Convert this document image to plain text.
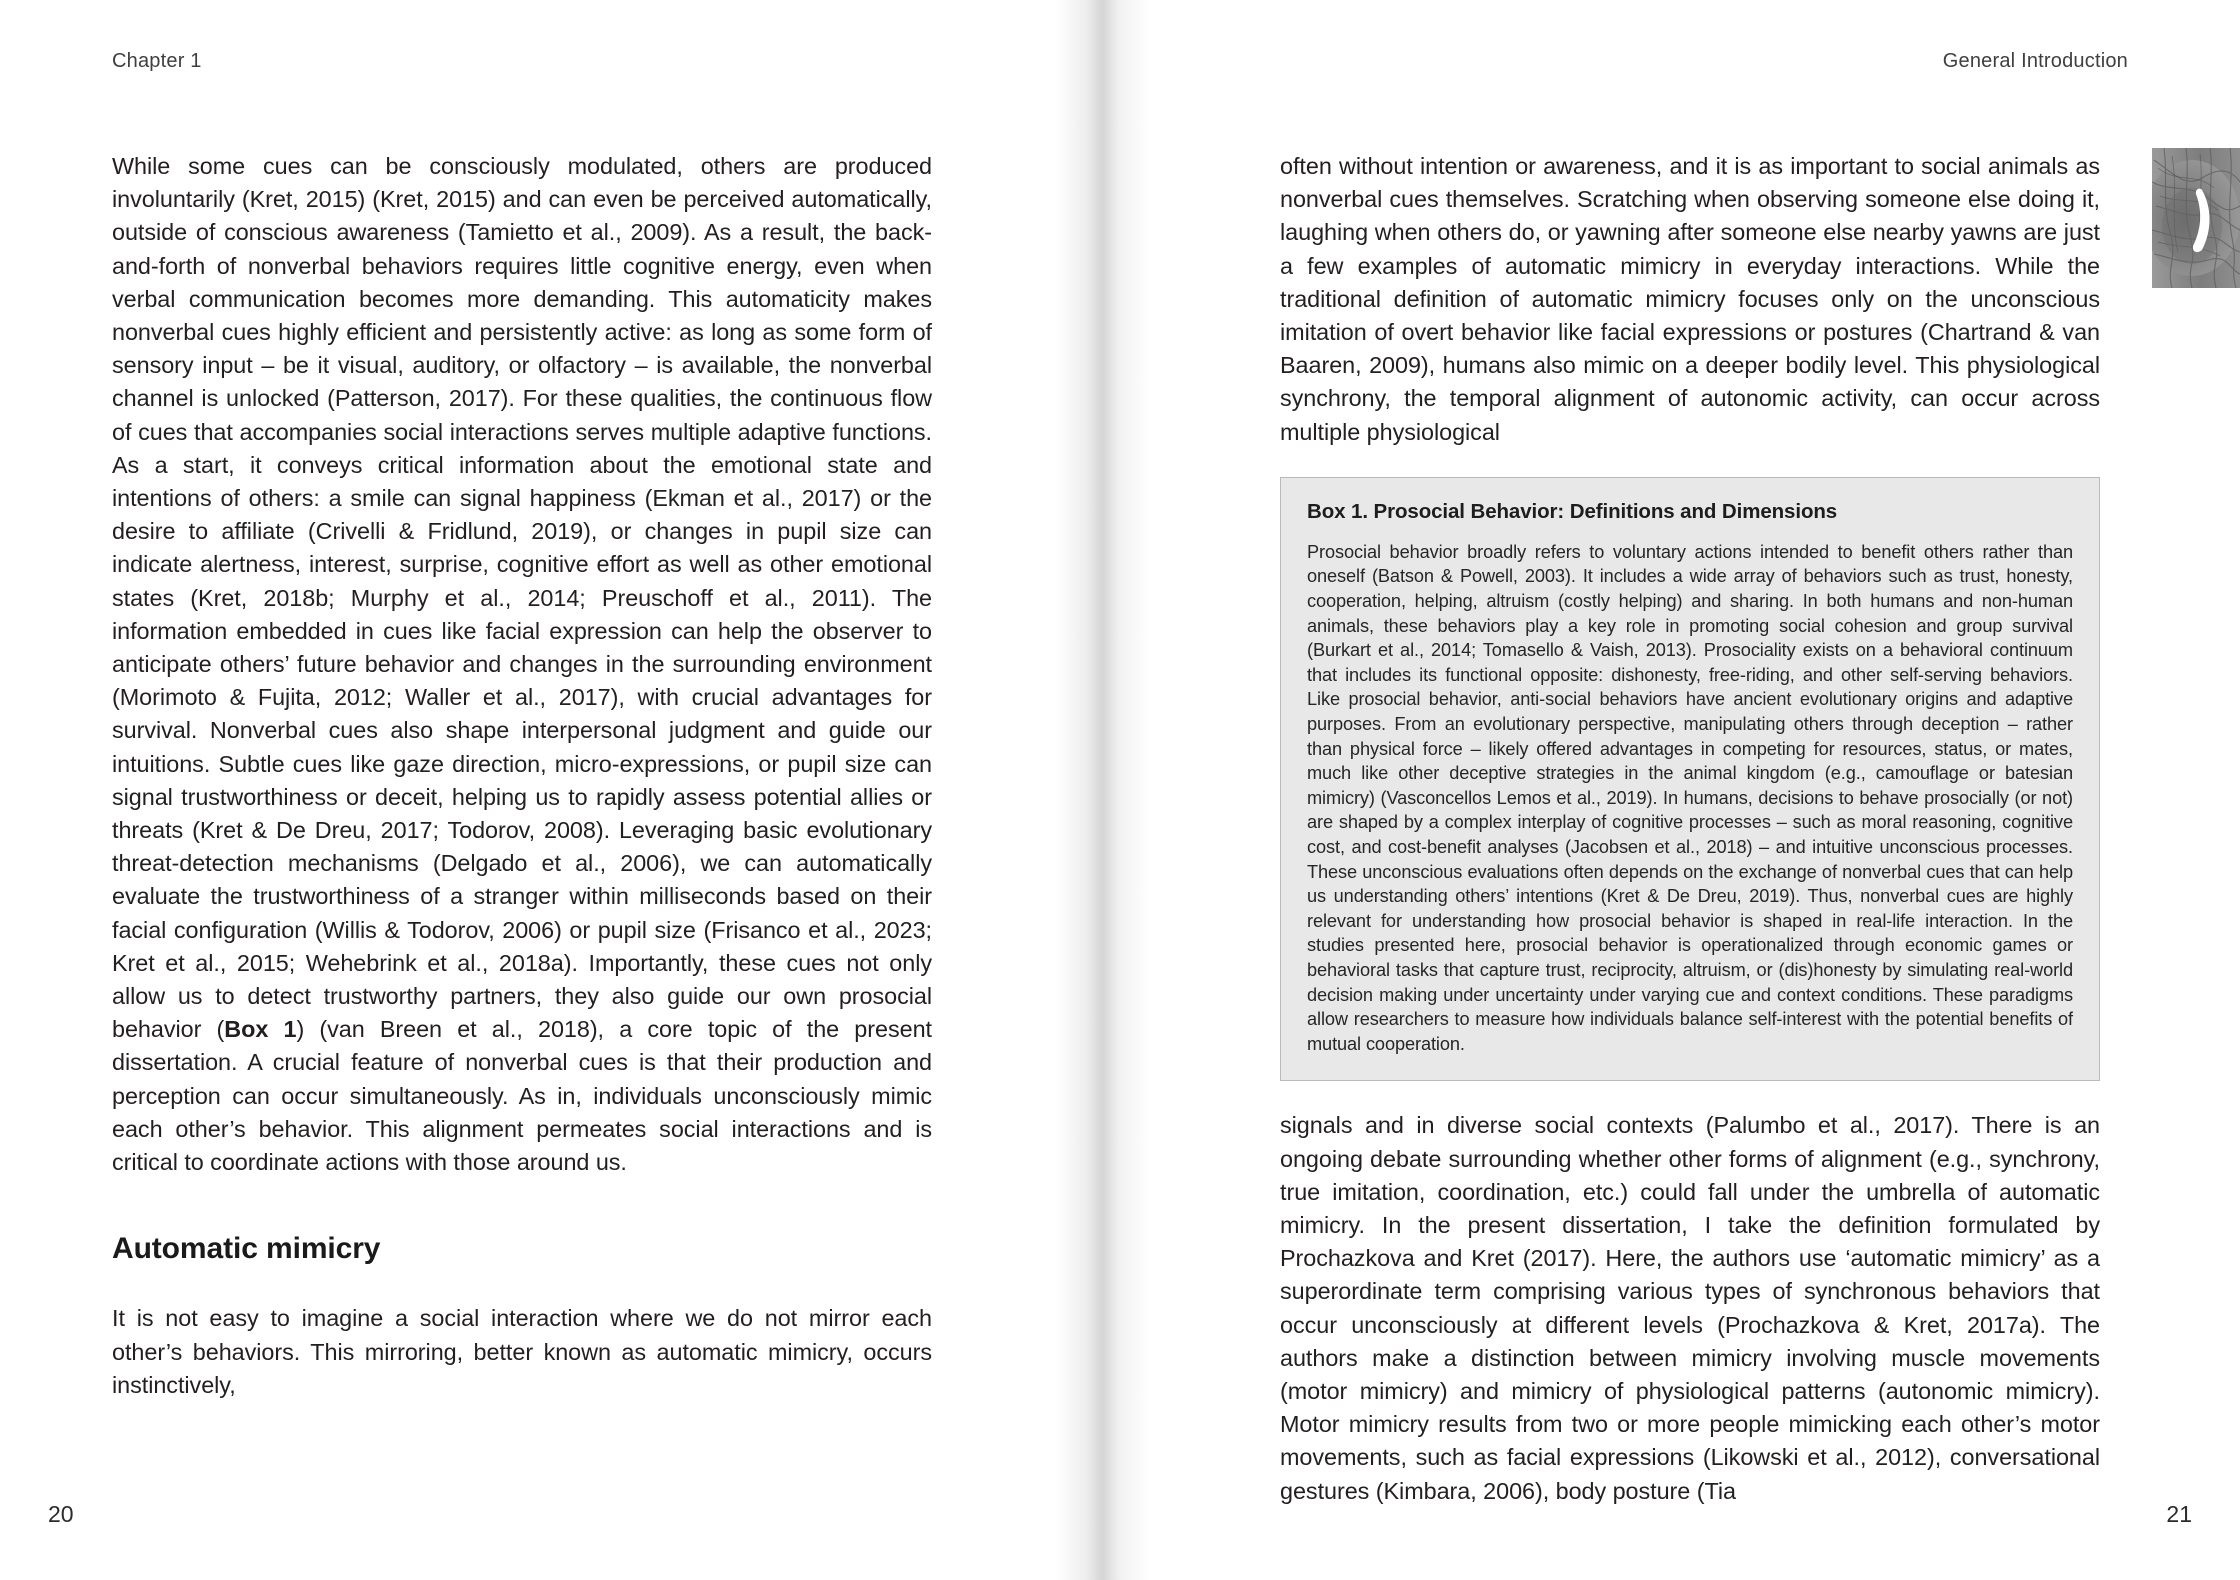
Chapter 1

While some cues can be consciously modulated, others are produced involuntarily (Kret, 2015) (Kret, 2015) and can even be perceived automatically, outside of conscious awareness (Tamietto et al., 2009). As a result, the back-and-forth of nonverbal behaviors requires little cognitive energy, even when verbal communication becomes more demanding. This automaticity makes nonverbal cues highly efficient and persistently active: as long as some form of sensory input – be it visual, auditory, or olfactory – is available, the nonverbal channel is unlocked (Patterson, 2017). For these qualities, the continuous flow of cues that accompanies social interactions serves multiple adaptive functions. As a start, it conveys critical information about the emotional state and intentions of others: a smile can signal happiness (Ekman et al., 2017) or the desire to affiliate (Crivelli & Fridlund, 2019), or changes in pupil size can indicate alertness, interest, surprise, cognitive effort as well as other emotional states (Kret, 2018b; Murphy et al., 2014; Preuschoff et al., 2011). The information embedded in cues like facial expression can help the observer to anticipate others’ future behavior and changes in the surrounding environment (Morimoto & Fujita, 2012; Waller et al., 2017), with crucial advantages for survival. Nonverbal cues also shape interpersonal judgment and guide our intuitions. Subtle cues like gaze direction, micro-expressions, or pupil size can signal trustworthiness or deceit, helping us to rapidly assess potential allies or threats (Kret & De Dreu, 2017; Todorov, 2008). Leveraging basic evolutionary threat-detection mechanisms (Delgado et al., 2006), we can automatically evaluate the trustworthiness of a stranger within milliseconds based on their facial configuration (Willis & Todorov, 2006) or pupil size (Frisanco et al., 2023; Kret et al., 2015; Wehebrink et al., 2018a). Importantly, these cues not only allow us to detect trustworthy partners, they also guide our own prosocial behavior (Box 1) (van Breen et al., 2018), a core topic of the present dissertation. A crucial feature of nonverbal cues is that their production and perception can occur simultaneously. As in, individuals unconsciously mimic each other’s behavior. This alignment permeates social interactions and is critical to coordinate actions with those around us.

Automatic mimicry

It is not easy to imagine a social interaction where we do not mirror each other’s behaviors. This mirroring, better known as automatic mimicry, occurs instinctively,

20
General Introduction

often without intention or awareness, and it is as important to social animals as nonverbal cues themselves. Scratching when observing someone else doing it, laughing when others do, or yawning after someone else nearby yawns are just a few examples of automatic mimicry in everyday interactions. While the traditional definition of automatic mimicry focuses only on the unconscious imitation of overt behavior like facial expressions or postures (Chartrand & van Baaren, 2009), humans also mimic on a deeper bodily level. This physiological synchrony, the temporal alignment of autonomic activity, can occur across multiple physiological

Box 1. Prosocial Behavior: Definitions and Dimensions

Prosocial behavior broadly refers to voluntary actions intended to benefit others rather than oneself (Batson & Powell, 2003). It includes a wide array of behaviors such as trust, honesty, cooperation, helping, altruism (costly helping) and sharing. In both humans and non-human animals, these behaviors play a key role in promoting social cohesion and group survival (Burkart et al., 2014; Tomasello & Vaish, 2013). Prosociality exists on a behavioral continuum that includes its functional opposite: dishonesty, free-riding, and other self-serving behaviors. Like prosocial behavior, anti-social behaviors have ancient evolutionary origins and adaptive purposes. From an evolutionary perspective, manipulating others through deception – rather than physical force – likely offered advantages in competing for resources, status, or mates, much like other deceptive strategies in the animal kingdom (e.g., camouflage or batesian mimicry) (Vasconcellos Lemos et al., 2019). In humans, decisions to behave prosocially (or not) are shaped by a complex interplay of cognitive processes – such as moral reasoning, cognitive cost, and cost-benefit analyses (Jacobsen et al., 2018) – and intuitive unconscious processes. These unconscious evaluations often depends on the exchange of nonverbal cues that can help us understanding others’ intentions (Kret & De Dreu, 2019). Thus, nonverbal cues are highly relevant for understanding how prosocial behavior is shaped in real-life interaction. In the studies presented here, prosocial behavior is operationalized through economic games or behavioral tasks that capture trust, reciprocity, altruism, or (dis)honesty by simulating real-world decision making under uncertainty under varying cue and context conditions. These paradigms allow researchers to measure how individuals balance self-interest with the potential benefits of mutual cooperation.

signals and in diverse social contexts (Palumbo et al., 2017). There is an ongoing debate surrounding whether other forms of alignment (e.g., synchrony, true imitation, coordination, etc.) could fall under the umbrella of automatic mimicry. In the present dissertation, I take the definition formulated by Prochazkova and Kret (2017). Here, the authors use ‘automatic mimicry’ as a superordinate term comprising various types of synchronous behaviors that occur unconsciously at different levels (Prochazkova & Kret, 2017a). The authors make a distinction between mimicry involving muscle movements (motor mimicry) and mimicry of physiological patterns (autonomic mimicry). Motor mimicry results from two or more people mimicking each other’s motor movements, such as facial expressions (Likowski et al., 2012), conversational gestures (Kimbara, 2006), body posture (Tia

21
